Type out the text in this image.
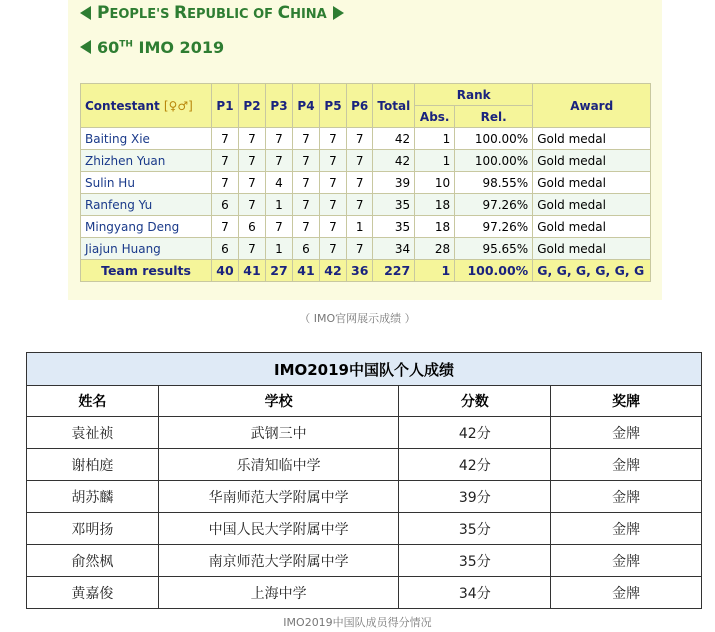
PEOPLE'S REPUBLIC OF CHINA
60TH IMO 2019
Contestant [♀♂]	P1	P2	P3	P4	P5	P6	Total	Rank		Award
								Abs.	Rel.	
Baiting Xie	7	7	7	7	7	7	42	1	100.00%	Gold medal
Zhizhen Yuan	7	7	7	7	7	7	42	1	100.00%	Gold medal
Sulin Hu	7	7	4	7	7	7	39	10	98.55%	Gold medal
Ranfeng Yu	6	7	1	7	7	7	35	18	97.26%	Gold medal
Mingyang Deng	7	6	7	7	7	1	35	18	97.26%	Gold medal
Jiajun Huang	6	7	1	6	7	7	34	28	95.65%	Gold medal
Team results	40	41	27	41	42	36	227	1	100.00%	G, G, G, G, G, G
（ IMO官网展示成绩 ）
IMO2019中国队个人成绩			
姓名	学校	分数	奖牌
袁祉祯	武钢三中	42分	金牌
谢柏庭	乐清知临中学	42分	金牌
胡苏麟	华南师范大学附属中学	39分	金牌
邓明扬	中国人民大学附属中学	35分	金牌
俞然枫	南京师范大学附属中学	35分	金牌
黄嘉俊	上海中学	34分	金牌
IMO2019中国队成员得分情况
